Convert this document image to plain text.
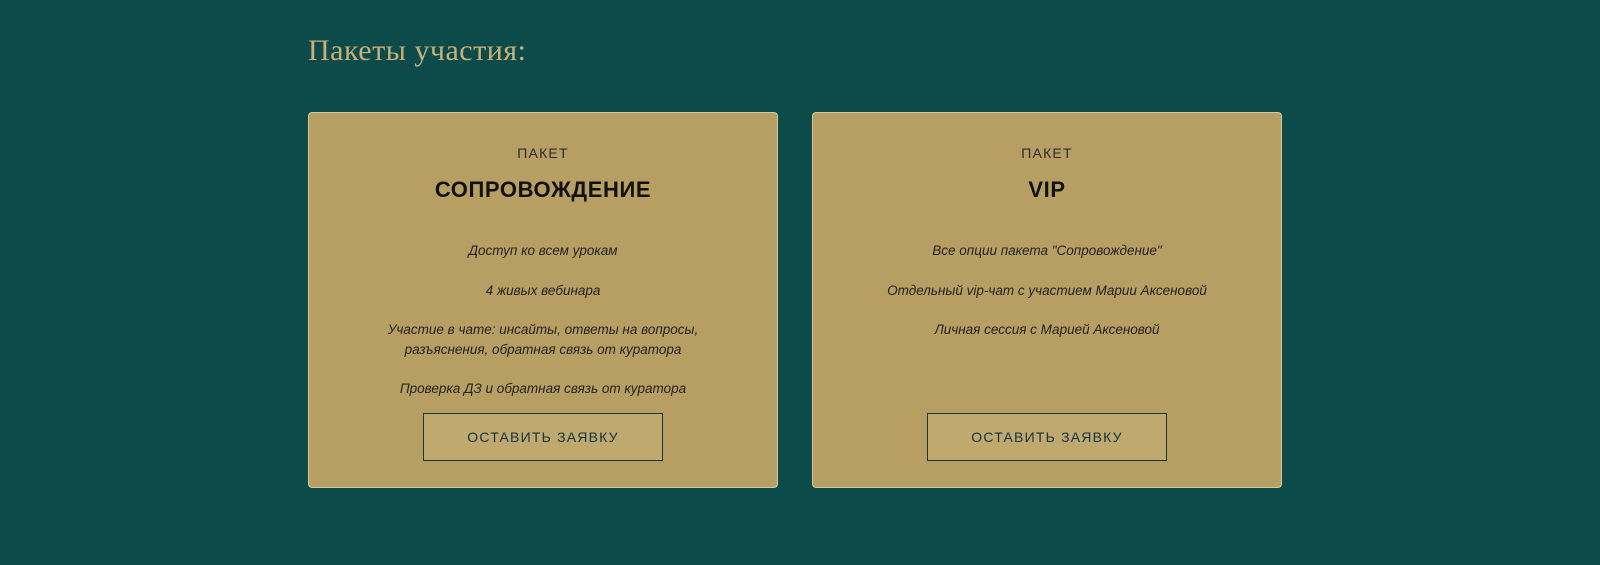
Пакеты участия:
ПАКЕТ
СОПРОВОЖДЕНИЕ
Доступ ко всем урокам
4 живых вебинара
Участие в чате: инсайты, ответы на вопросы, разъяснения, обратная связь от куратора
Проверка ДЗ и обратная связь от куратора
ОСТАВИТЬ ЗАЯВКУ
ПАКЕТ
VIP
Все опции пакета "Сопровождение"
Отдельный vip-чат с участием Марии Аксеновой
Личная сессия с Марией Аксеновой
ОСТАВИТЬ ЗАЯВКУ
